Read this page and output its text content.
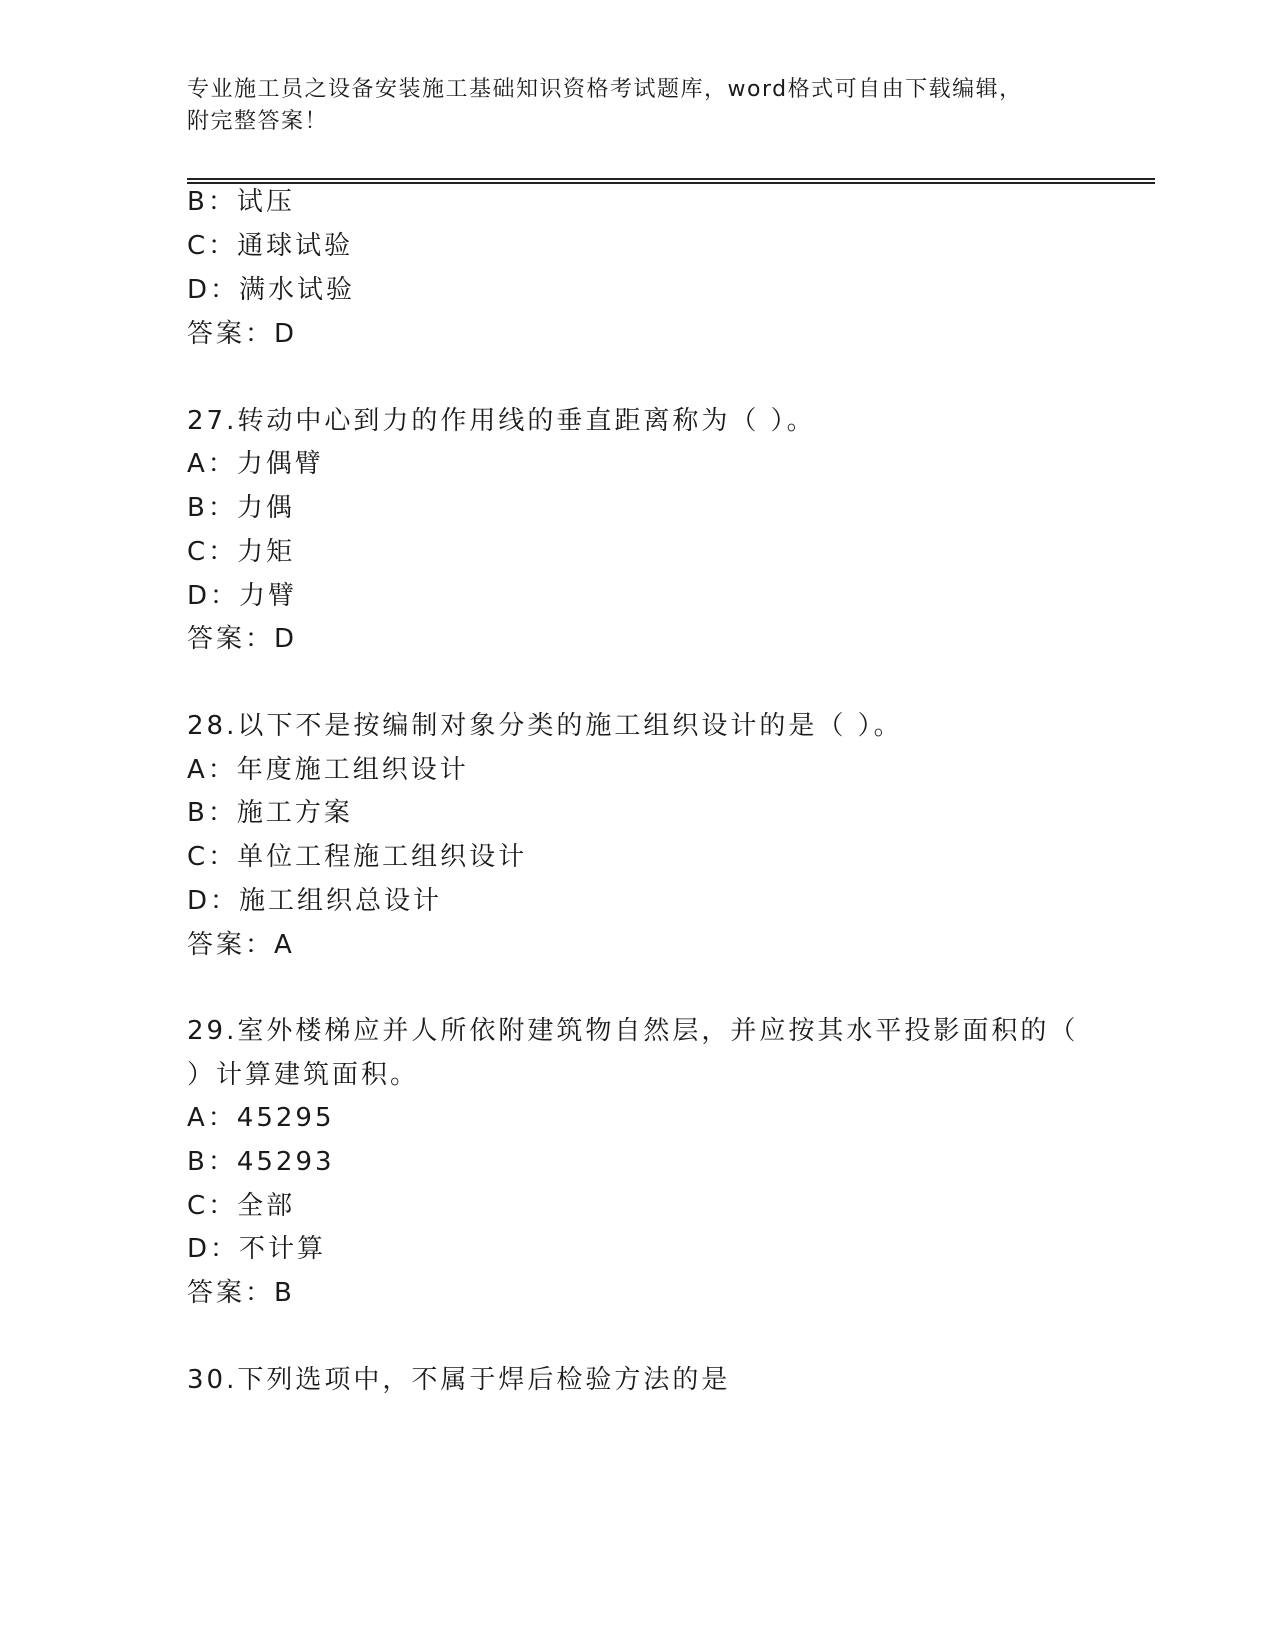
专业施工员之设备安装施工基础知识资格考试题库，word格式可自由下载编辑，
附完整答案！
B：试压
C：通球试验
D：满水试验
答案：D
27.转动中心到力的作用线的垂直距离称为（ ）。
A：力偶臂
B：力偶
C：力矩
D：力臂
答案：D
28.以下不是按编制对象分类的施工组织设计的是（ ）。
A：年度施工组织设计
B：施工方案
C：单位工程施工组织设计
D：施工组织总设计
答案：A
29.室外楼梯应并人所依附建筑物自然层，并应按其水平投影面积的（
）计算建筑面积。
A：45295
B：45293
C：全部
D：不计算
答案：B
30.下列选项中，不属于焊后检验方法的是
